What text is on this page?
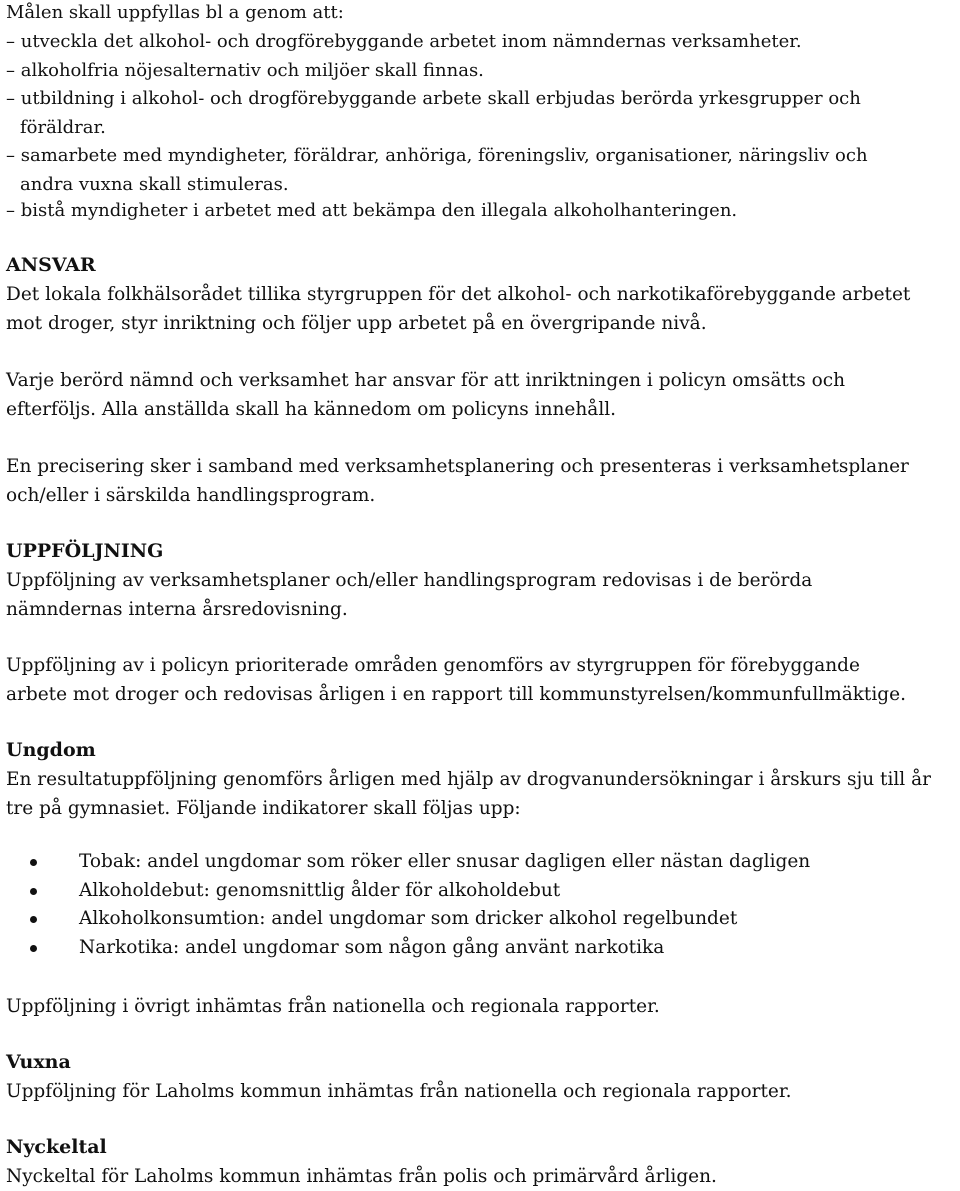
Målen skall uppfyllas bl a genom att:
– utveckla det alkohol- och drogförebyggande arbetet inom nämndernas verksamheter.
– alkoholfria nöjesalternativ och miljöer skall finnas.
– utbildning i alkohol- och drogförebyggande arbete skall erbjudas berörda yrkesgrupper och
föräldrar.
– samarbete med myndigheter, föräldrar, anhöriga, föreningsliv, organisationer, näringsliv och
andra vuxna skall stimuleras.
– bistå myndigheter i arbetet med att bekämpa den illegala alkoholhanteringen.
ANSVAR
Det lokala folkhälsorådet tillika styrgruppen för det alkohol- och narkotikaförebyggande arbetet
mot droger, styr inriktning och följer upp arbetet på en övergripande nivå.
Varje berörd nämnd och verksamhet har ansvar för att inriktningen i policyn omsätts och
efterföljs. Alla anställda skall ha kännedom om policyns innehåll.
En precisering sker i samband med verksamhetsplanering och presenteras i verksamhetsplaner
och/eller i särskilda handlingsprogram.
UPPFÖLJNING
Uppföljning av verksamhetsplaner och/eller handlingsprogram redovisas i de berörda
nämndernas interna årsredovisning.
Uppföljning av i policyn prioriterade områden genomförs av styrgruppen för förebyggande
arbete mot droger och redovisas årligen i en rapport till kommunstyrelsen/kommunfullmäktige.
Ungdom
En resultatuppföljning genomförs årligen med hjälp av drogvanundersökningar i årskurs sju till år
tre på gymnasiet. Följande indikatorer skall följas upp:
Tobak: andel ungdomar som röker eller snusar dagligen eller nästan dagligen
Alkoholdebut: genomsnittlig ålder för alkoholdebut
Alkoholkonsumtion: andel ungdomar som dricker alkohol regelbundet
Narkotika: andel ungdomar som någon gång använt narkotika
Uppföljning i övrigt inhämtas från nationella och regionala rapporter.
Vuxna
Uppföljning för Laholms kommun inhämtas från nationella och regionala rapporter.
Nyckeltal
Nyckeltal för Laholms kommun inhämtas från polis och primärvård årligen.
